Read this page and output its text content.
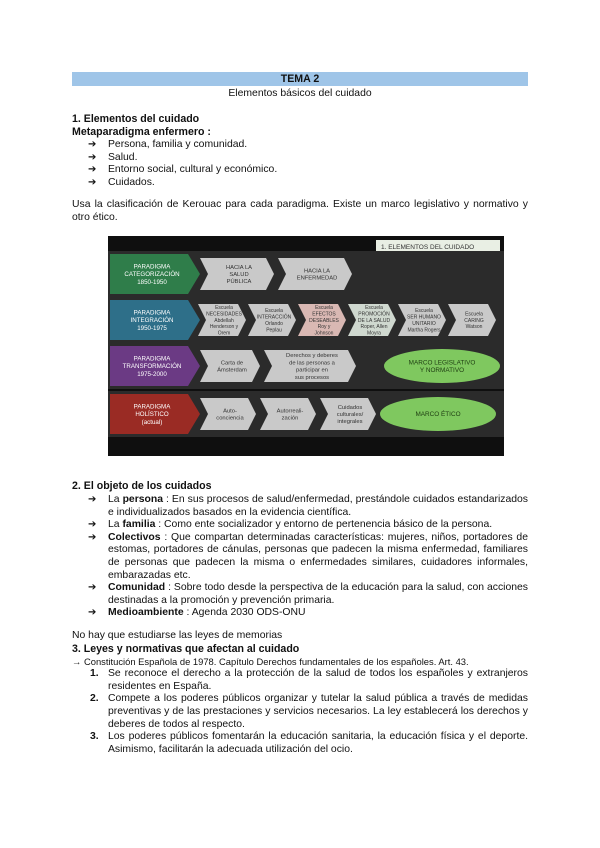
TEMA 2
Elementos básicos del cuidado
1. Elementos del cuidado
Metaparadigma enfermero :
➔ Persona, familia y comunidad.
➔ Salud.
➔ Entorno social, cultural y económico.
➔ Cuidados.

Usa la clasificación de Kerouac para cada paradigma. Existe un marco legislativo y normativo y otro ético.

1. ELEMENTOS DEL CUIDADO
PARADIGMA
CATEGORIZACIÓN
1850-1950
HACIA LA
SALUD
PÚBLICA
HACIA LA
ENFERMEDAD
PARADIGMA
INTEGRACIÓN
1950-1975
Escuela
NECESIDADES
Abdellah
Henderson y
Orem
Escuela
INTERACCIÓN
Orlando
Peplau
Escuela
EFECTOS
DESEABLES
Roy y
Johnson
Escuela
PROMOCIÓN
DE LA SALUD
Roper, Allen
Moyra
Escuela
SER HUMANO
UNITARIO
Martha Rogers
Escuela
CARING
Watson
PARADIGMA
TRANSFORMACIÓN
1975-2000
Carta de
Ámsterdam
Derechos y deberes
de las personas a
participar en
sus procesos
MARCO LEGISLATIVO
Y NORMATIVO
PARADIGMA
HOLÍSTICO
(actual)
Auto-
conciencia
Autorreali-
zación
Cuidados
culturales/
integrales
MARCO ÉTICO
2. El objeto de los cuidados
➔ La persona : En sus procesos de salud/enfermedad, prestándole cuidados estandarizados e individualizados basados en la evidencia científica.
➔ La familia : Como ente socializador y entorno de pertenencia básico de la persona.
➔ Colectivos : Que compartan determinadas características: mujeres, niños, portadores de estomas, portadores de cánulas, personas que padecen la misma enfermedad, familiares de personas que padecen la misma o enfermedades similares, cuidadores informales, embarazadas etc.
➔ Comunidad : Sobre todo desde la perspectiva de la educación para la salud, con acciones destinadas a la promoción y prevención primaria.
➔ Medioambiente : Agenda 2030 ODS-ONU

No hay que estudiarse las leyes de memorias

3. Leyes y normativas que afectan al cuidado

→ Constitución Española de 1978. Capítulo Derechos fundamentales de los españoles. Art. 43.

1. Se reconoce el derecho a la protección de la salud de todos los españoles y extranjeros residentes en España.
2. Compete a los poderes públicos organizar y tutelar la salud pública a través de medidas preventivas y de las prestaciones y servicios necesarios. La ley establecerá los derechos y deberes de todos al respecto.
3. Los poderes públicos fomentarán la educación sanitaria, la educación física y el deporte. Asimismo, facilitarán la adecuada utilización del ocio.
